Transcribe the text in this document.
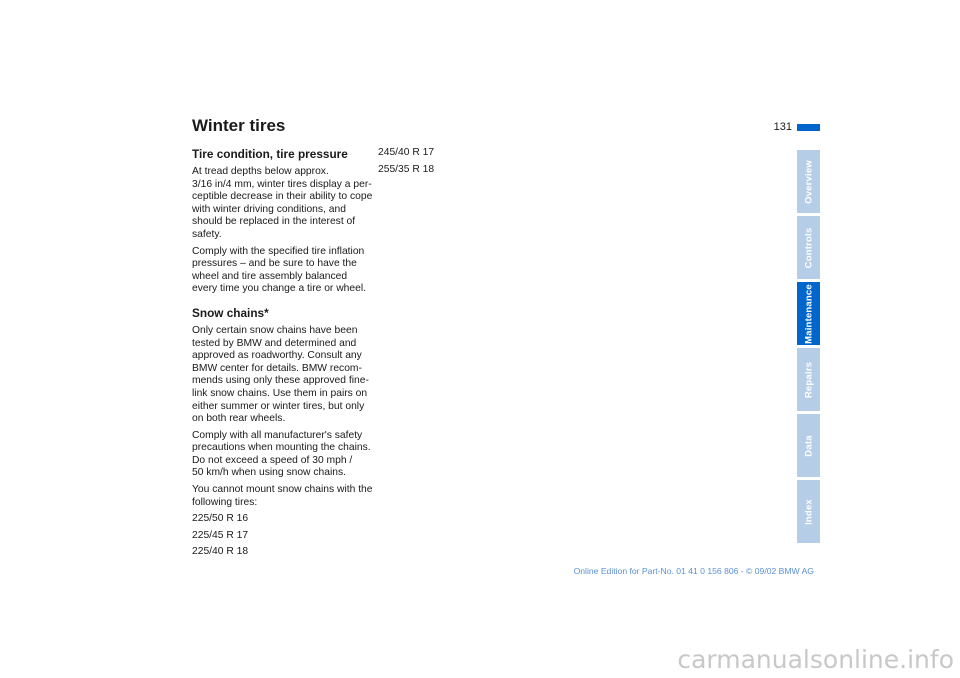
Winter tires	131
Tire condition, tire pressure
At tread depths below approx.
3/16 in/4 mm, winter tires display a per-
ceptible decrease in their ability to cope
with winter driving conditions, and
should be replaced in the interest of
safety.
Comply with the specified tire inflation
pressures – and be sure to have the
wheel and tire assembly balanced
every time you change a tire or wheel.
Snow chains*
Only certain snow chains have been
tested by BMW and determined and
approved as roadworthy. Consult any
BMW center for details. BMW recom-
mends using only these approved fine-
link snow chains. Use them in pairs on
either summer or winter tires, but only
on both rear wheels.
Comply with all manufacturer's safety
precautions when mounting the chains.
Do not exceed a speed of 30 mph /
50 km/h when using snow chains.
You cannot mount snow chains with the
following tires:
225/50 R 16
225/45 R 17
225/40 R 18
245/40 R 17
255/35 R 18	Overview
Controls
Maintenance
Repairs
Data
Index
Online Edition for Part-No. 01 41 0 156 806 - © 09/02 BMW AG
carmanualsonline.info
